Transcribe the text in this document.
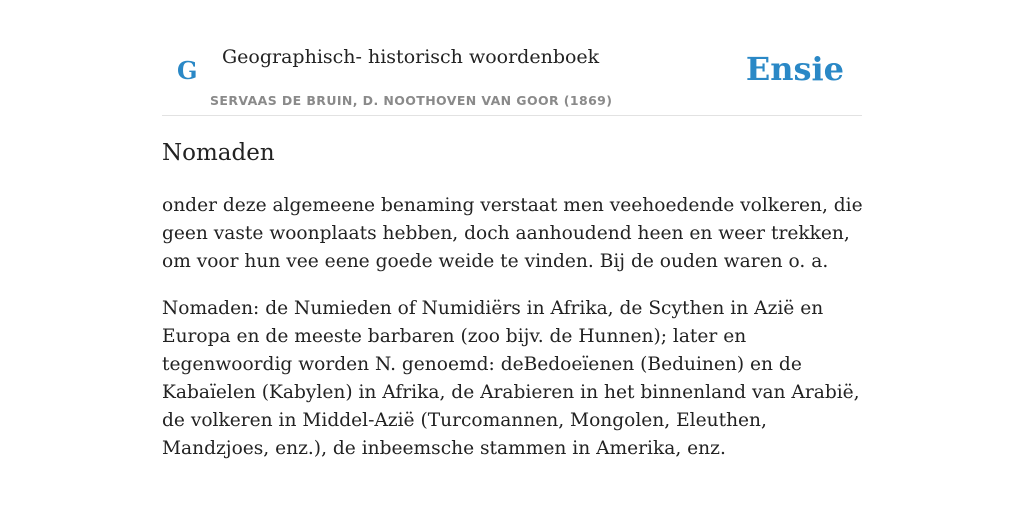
G Geographisch- historisch woordenboek
SERVAAS DE BRUIN, D. NOOTHOVEN VAN GOOR (1869)
Ensie
Nomaden

onder deze algemeene benaming verstaat men veehoedende volkeren, die geen vaste woonplaats hebben, doch aanhoudend heen en weer trekken, om voor hun vee eene goede weide te vinden. Bij de ouden waren o. a.

Nomaden: de Numieden of Numidiërs in Afrika, de Scythen in Azië en Europa en de meeste barbaren (zoo bijv. de Hunnen); later en tegenwoordig worden N. genoemd: deBedoeïenen (Beduinen) en de Kabaïelen (Kabylen) in Afrika, de Arabieren in het binnenland van Arabië, de volkeren in Middel-Azië (Turcomannen, Mongolen, Eleuthen, Mandzjoes, enz.), de inbeemsche stammen in Amerika, enz.
